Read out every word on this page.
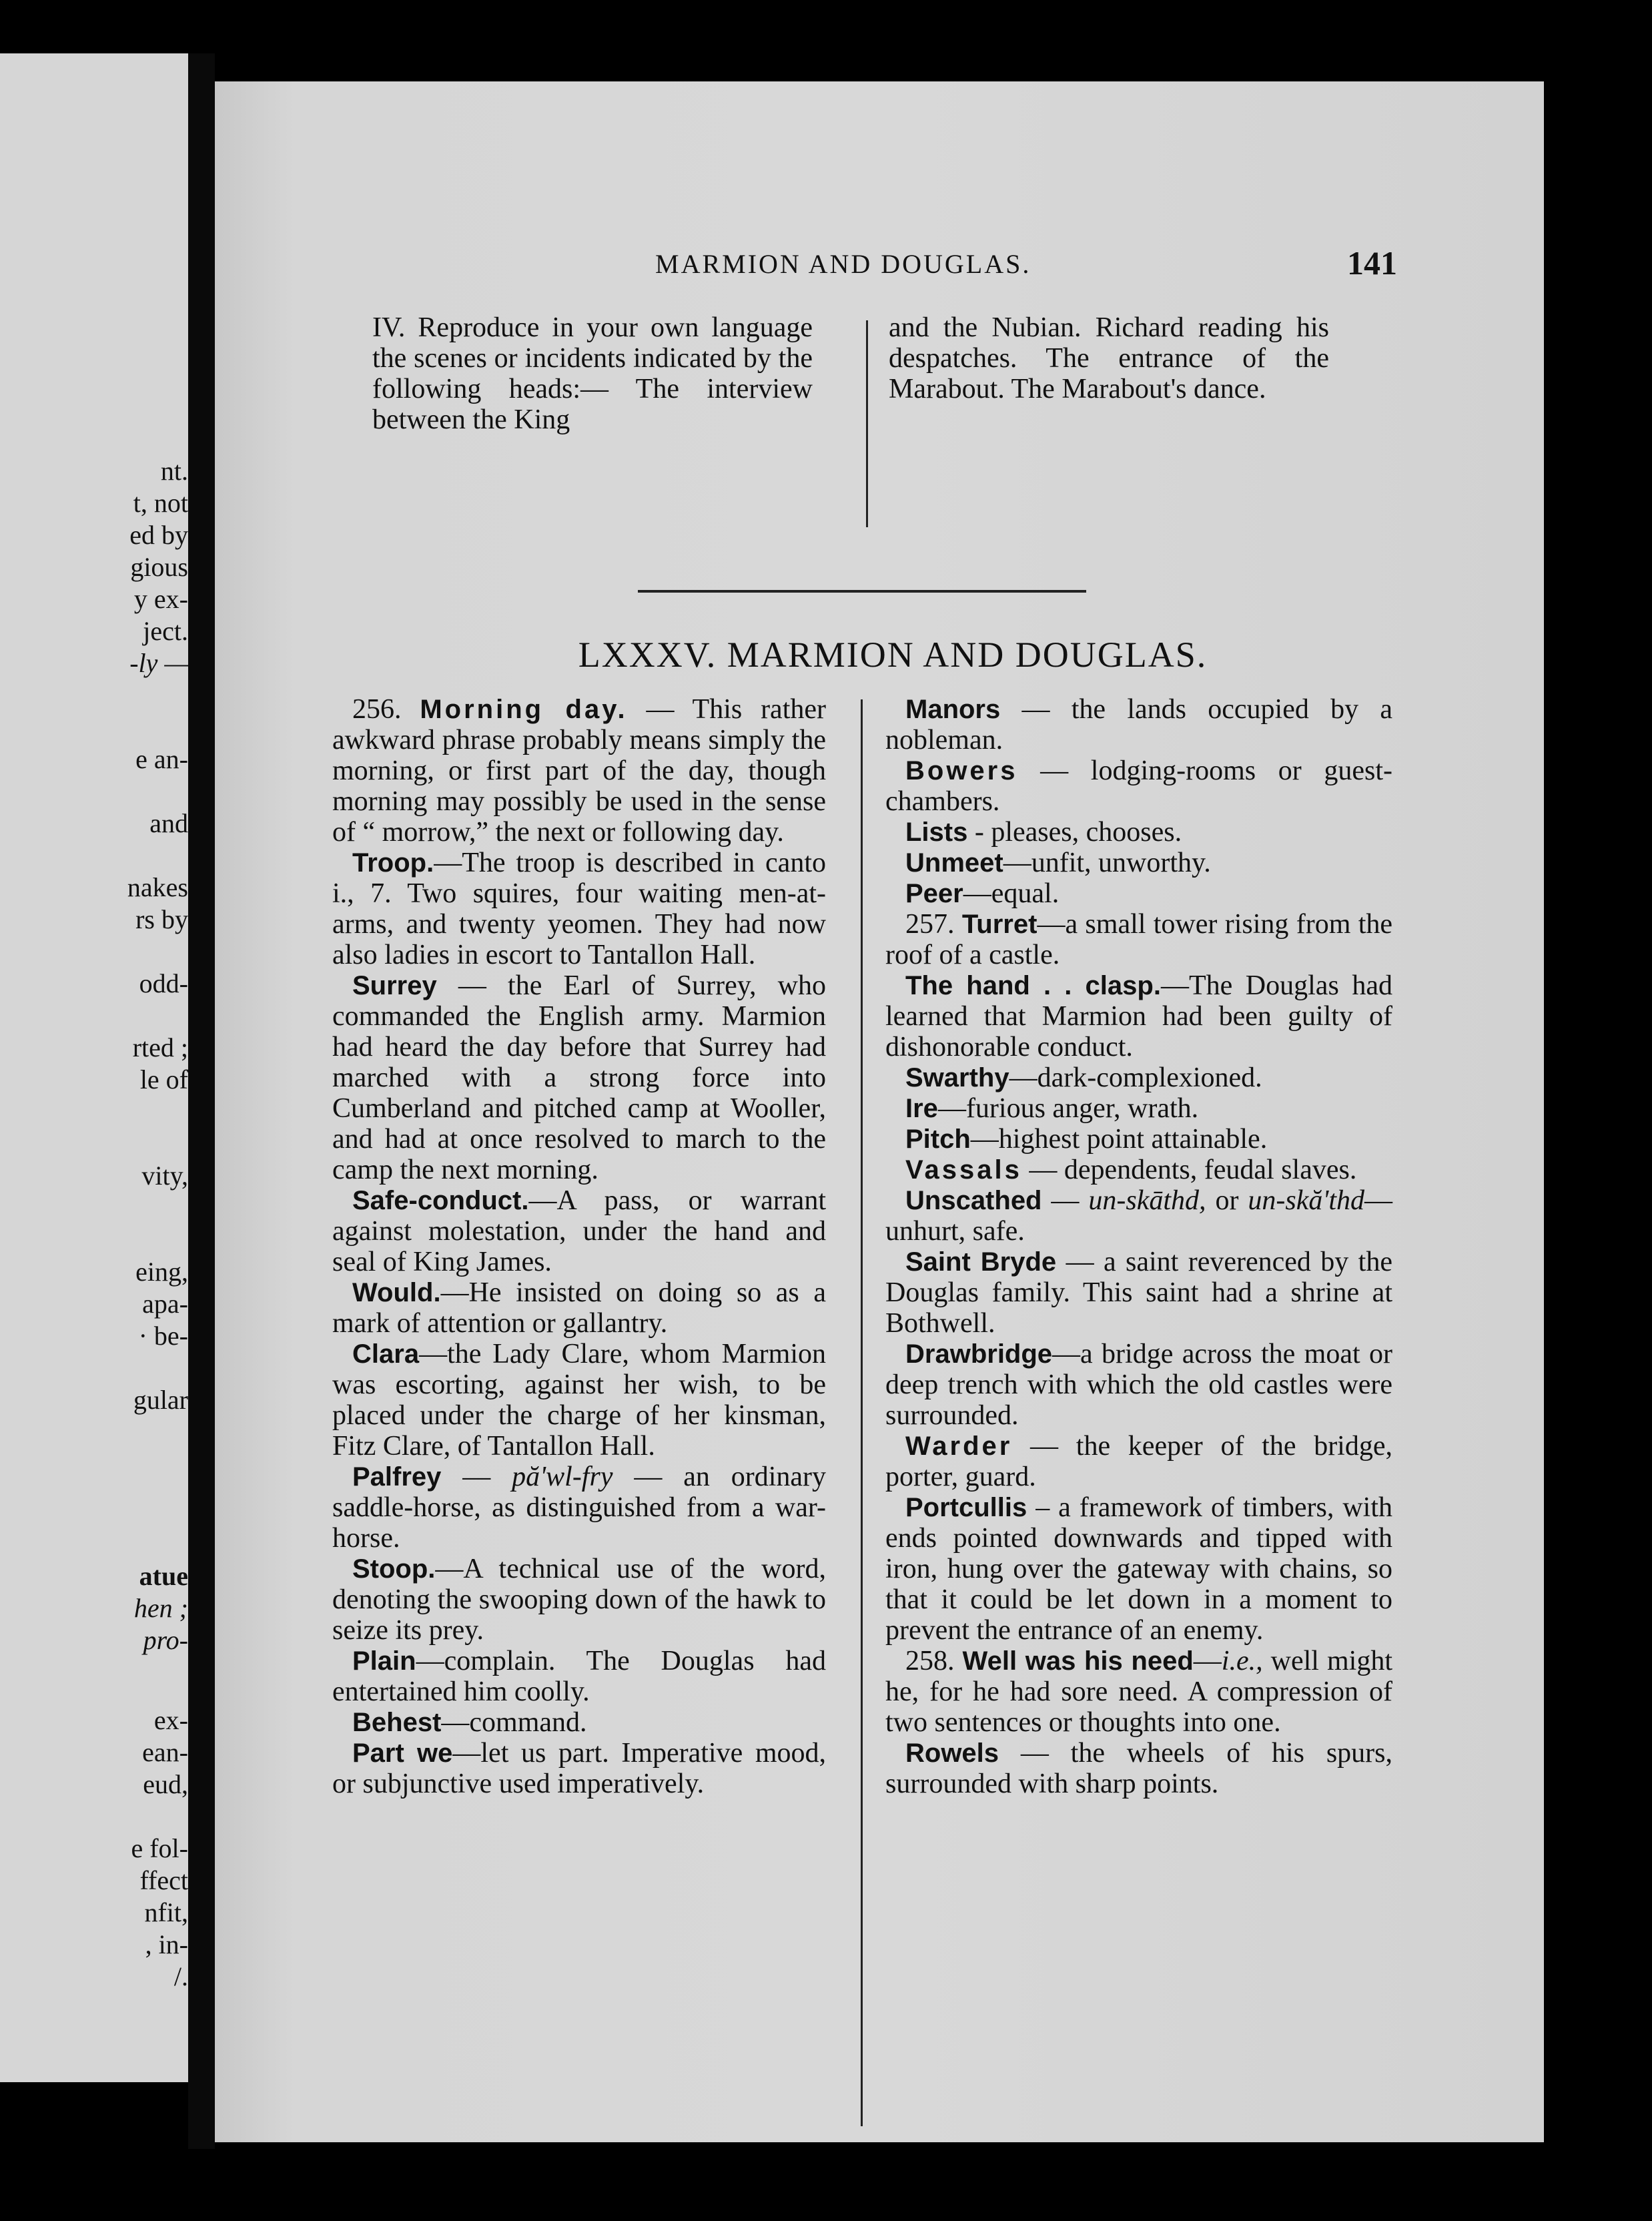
nt.
t, not
ed by
gious
y ex-
ject.
-ly —
e an-
and
nakes
rs by
odd-
rted ;
le of
vity,
eing,
apa-
· be-
gular
atue
hen ;
pro-
ex-
ean-
eud,
e fol-
ffect
nfit,
, in-
/.
MARMION AND DOUGLAS.	141
IV. Reproduce in your own language the scenes or incidents indicated by the following heads:— The interview between the King
and the Nubian. Richard reading his despatches. The entrance of the Marabout. The Marabout's dance.
LXXXV. MARMION AND DOUGLAS.

256. Morning day. — This rather awkward phrase probably means simply the morning, or first part of the day, though morning may possibly be used in the sense of “ morrow,” the next or following day.

Troop.—The troop is described in canto i., 7. Two squires, four waiting men-at-arms, and twenty yeomen. They had now also ladies in escort to Tantallon Hall.

Surrey — the Earl of Surrey, who commanded the English army. Marmion had heard the day before that Surrey had marched with a strong force into Cumberland and pitched camp at Wooller, and had at once resolved to march to the camp the next morning.

Safe-conduct.—A pass, or warrant against molestation, under the hand and seal of King James.

Would.—He insisted on doing so as a mark of attention or gallantry.

Clara—the Lady Clare, whom Marmion was escorting, against her wish, to be placed under the charge of her kinsman, Fitz Clare, of Tantallon Hall.

Palfrey — pă'wl-fry — an ordinary saddle-horse, as distinguished from a war-horse.

Stoop.—A technical use of the word, denoting the swooping down of the hawk to seize its prey.

Plain—complain. The Douglas had entertained him coolly.

Behest—command.

Part we—let us part. Imperative mood, or subjunctive used imperatively.

Manors — the lands occupied by a nobleman.

Bowers — lodging-rooms or guest-chambers.

Lists - pleases, chooses.

Unmeet—unfit, unworthy.

Peer—equal.

257. Turret—a small tower rising from the roof of a castle.

The hand . . clasp.—The Douglas had learned that Marmion had been guilty of dishonorable conduct.

Swarthy—dark-complexioned.

Ire—furious anger, wrath.

Pitch—highest point attainable.

Vassals — dependents, feudal slaves.

Unscathed — un-skāthd, or un-skă'thd—unhurt, safe.

Saint Bryde — a saint reverenced by the Douglas family. This saint had a shrine at Bothwell.

Drawbridge—a bridge across the moat or deep trench with which the old castles were surrounded.

Warder — the keeper of the bridge, porter, guard.

Portcullis – a framework of timbers, with ends pointed downwards and tipped with iron, hung over the gateway with chains, so that it could be let down in a moment to prevent the entrance of an enemy.

258. Well was his need—i.e., well might he, for he had sore need. A compression of two sentences or thoughts into one.

Rowels — the wheels of his spurs, surrounded with sharp points.
